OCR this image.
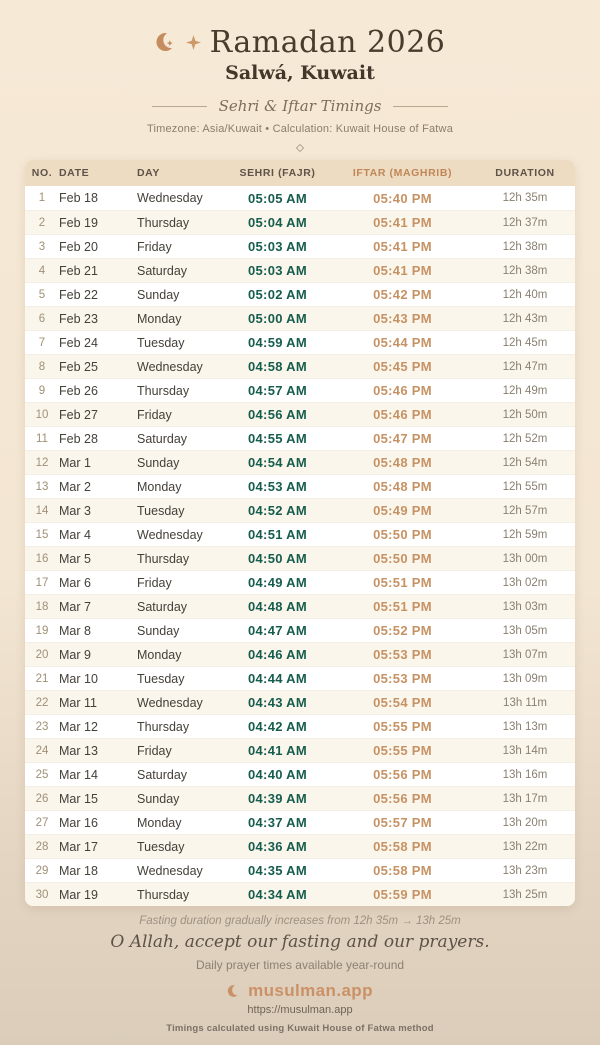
Ramadan 2026
Salwá, Kuwait
Sehri & Iftar Timings
Timezone: Asia/Kuwait • Calculation: Kuwait House of Fatwa
NO. DATE	DAY	SEHRI (FAJR)	IFTAR (MAGHRIB)	DURATION
1	Feb 18	Wednesday	05:05 AM	05:40 PM	12h 35m
2	Feb 19	Thursday	05:04 AM	05:41 PM	12h 37m
3	Feb 20	Friday	05:03 AM	05:41 PM	12h 38m
4	Feb 21	Saturday	05:03 AM	05:41 PM	12h 38m
5	Feb 22	Sunday	05:02 AM	05:42 PM	12h 40m
6	Feb 23	Monday	05:00 AM	05:43 PM	12h 43m
7	Feb 24	Tuesday	04:59 AM	05:44 PM	12h 45m
8	Feb 25	Wednesday	04:58 AM	05:45 PM	12h 47m
9	Feb 26	Thursday	04:57 AM	05:46 PM	12h 49m
10 Feb 27	Friday	04:56 AM	05:46 PM	12h 50m
11 Feb 28	Saturday	04:55 AM	05:47 PM	12h 52m
12 Mar 1	Sunday	04:54 AM	05:48 PM	12h 54m
13 Mar 2	Monday	04:53 AM	05:48 PM	12h 55m
14 Mar 3	Tuesday	04:52 AM	05:49 PM	12h 57m
15 Mar 4	Wednesday	04:51 AM	05:50 PM	12h 59m
16 Mar 5	Thursday	04:50 AM	05:50 PM	13h 00m
17 Mar 6	Friday	04:49 AM	05:51 PM	13h 02m
18 Mar 7	Saturday	04:48 AM	05:51 PM	13h 03m
19 Mar 8	Sunday	04:47 AM	05:52 PM	13h 05m
20 Mar 9	Monday	04:46 AM	05:53 PM	13h 07m
21 Mar 10	Tuesday	04:44 AM	05:53 PM	13h 09m
22 Mar 11	Wednesday	04:43 AM	05:54 PM	13h 11m
23 Mar 12	Thursday	04:42 AM	05:55 PM	13h 13m
24 Mar 13	Friday	04:41 AM	05:55 PM	13h 14m
25 Mar 14	Saturday	04:40 AM	05:56 PM	13h 16m
26 Mar 15	Sunday	04:39 AM	05:56 PM	13h 17m
27 Mar 16	Monday	04:37 AM	05:57 PM	13h 20m
28 Mar 17	Tuesday	04:36 AM	05:58 PM	13h 22m
29 Mar 18	Wednesday	04:35 AM	05:58 PM	13h 23m
30 Mar 19	Thursday	04:34 AM	05:59 PM	13h 25m
Fasting duration gradually increases from 12h 35m → 13h 25m
O Allah, accept our fasting and our prayers.
Daily prayer times available year-round
musulman.app
https://musulman.app
Timings calculated using Kuwait House of Fatwa method
